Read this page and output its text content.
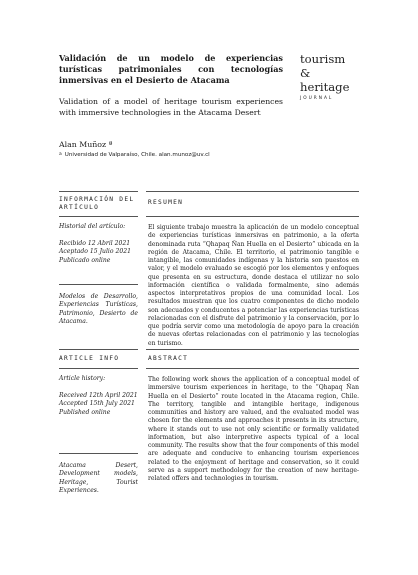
Validación de un modelo de experiencias turísticas patrimoniales con tecnologías inmersivas en el Desierto de Atacama
Validation of a model of heritage tourism experiences with immersive technologies in the Atacama Desert
Alan Muñoz ª
$^a$ Universidad de Valparaíso, Chile. alan.munoz@uv.cl
tourism
&
heritage
JOURNAL
INFORMACIÓN DEL ARTÍCULO
RESUMEN
Historial del artículo:
Recibido 12 Abril 2021
Aceptado 15 Julio 2021
Publicado online
Modelos de Desarrollo, Experiencias Turísticas, Patrimonio, Desierto de Atacama.
El siguiente trabajo muestra la aplicación de un modelo conceptual de experiencias turísticas inmersivas en patrimonio, a la oferta denominada ruta “Qhapaq Ñan Huella en el Desierto” ubicada en la región de Atacama, Chile. El territorio, el patrimonio tangible e intangible, las comunidades indígenas y la historia son puestos en valor, y el modelo evaluado se escogió por los elementos y enfoques que presenta en su estructura, donde destaca el utilizar no solo información científica o validada formalmente, sino además aspectos interpretativos propios de una comunidad local. Los resultados muestran que los cuatro componentes de dicho modelo son adecuados y conducentes a potenciar las experiencias turísticas relacionadas con el disfrute del patrimonio y la conservación, por lo que podría servir como una metodología de apoyo para la creación de nuevas ofertas relacionadas con el patrimonio y las tecnologías en turismo.
ARTICLE INFO	ABSTRACT
Article history:
Received 12th April 2021
Accepted 15th July 2021
Published online
Atacama Desert, Development models, Heritage, Tourist Experiences.
The following work shows the application of a conceptual model of immersive tourism experiences in heritage, to the “Qhapaq Ñan Huella en el Desierto” route located in the Atacama region, Chile. The territory, tangible and intangible heritage, indigenous communities and history are valued, and the evaluated model was chosen for the elements and approaches it presents in its structure, where it stands out to use not only scientific or formally validated information, but also interpretive aspects typical of a local community. The results show that the four components of this model are adequate and conducive to enhancing tourism experiences related to the enjoyment of heritage and conservation, so it could serve as a support methodology for the creation of new heritage-related offers and technologies in tourism.
